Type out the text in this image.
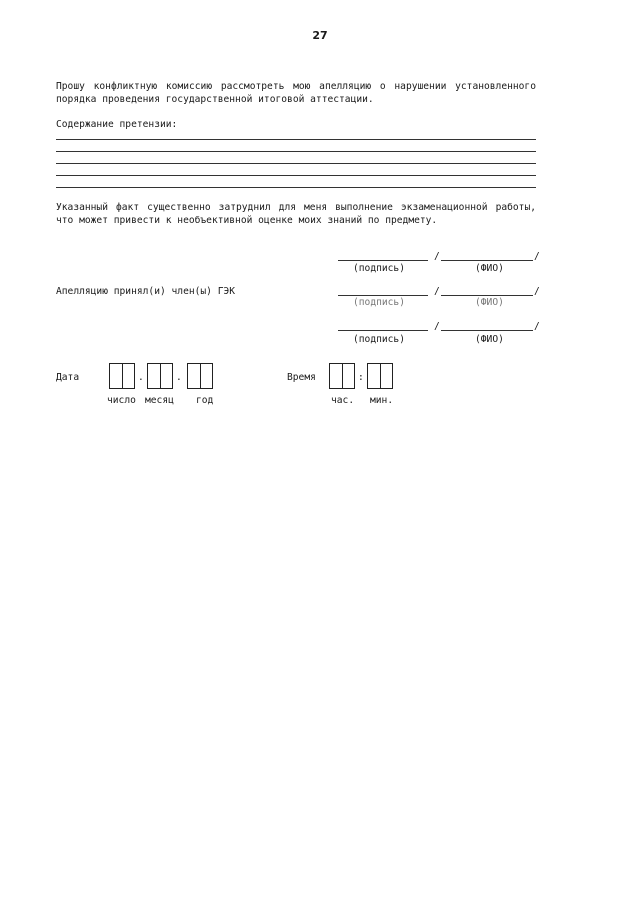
27
Прошу конфликтную комиссию рассмотреть мою апелляцию о нарушении установленного порядка проведения государственной итоговой аттестации.
Содержание претензии:
Указанный факт существенно затруднил для меня выполнение экзаменационной работы, что может привести к необъективной оценке моих знаний по предмету.
/	/
(подпись)	(ФИО)
Апелляцию принял(и) член(ы) ГЭК	/	/
(подпись)	(ФИО)
/	/
(подпись)	(ФИО)
Дата	.	.
число месяц год
Время	:
час. мин.
